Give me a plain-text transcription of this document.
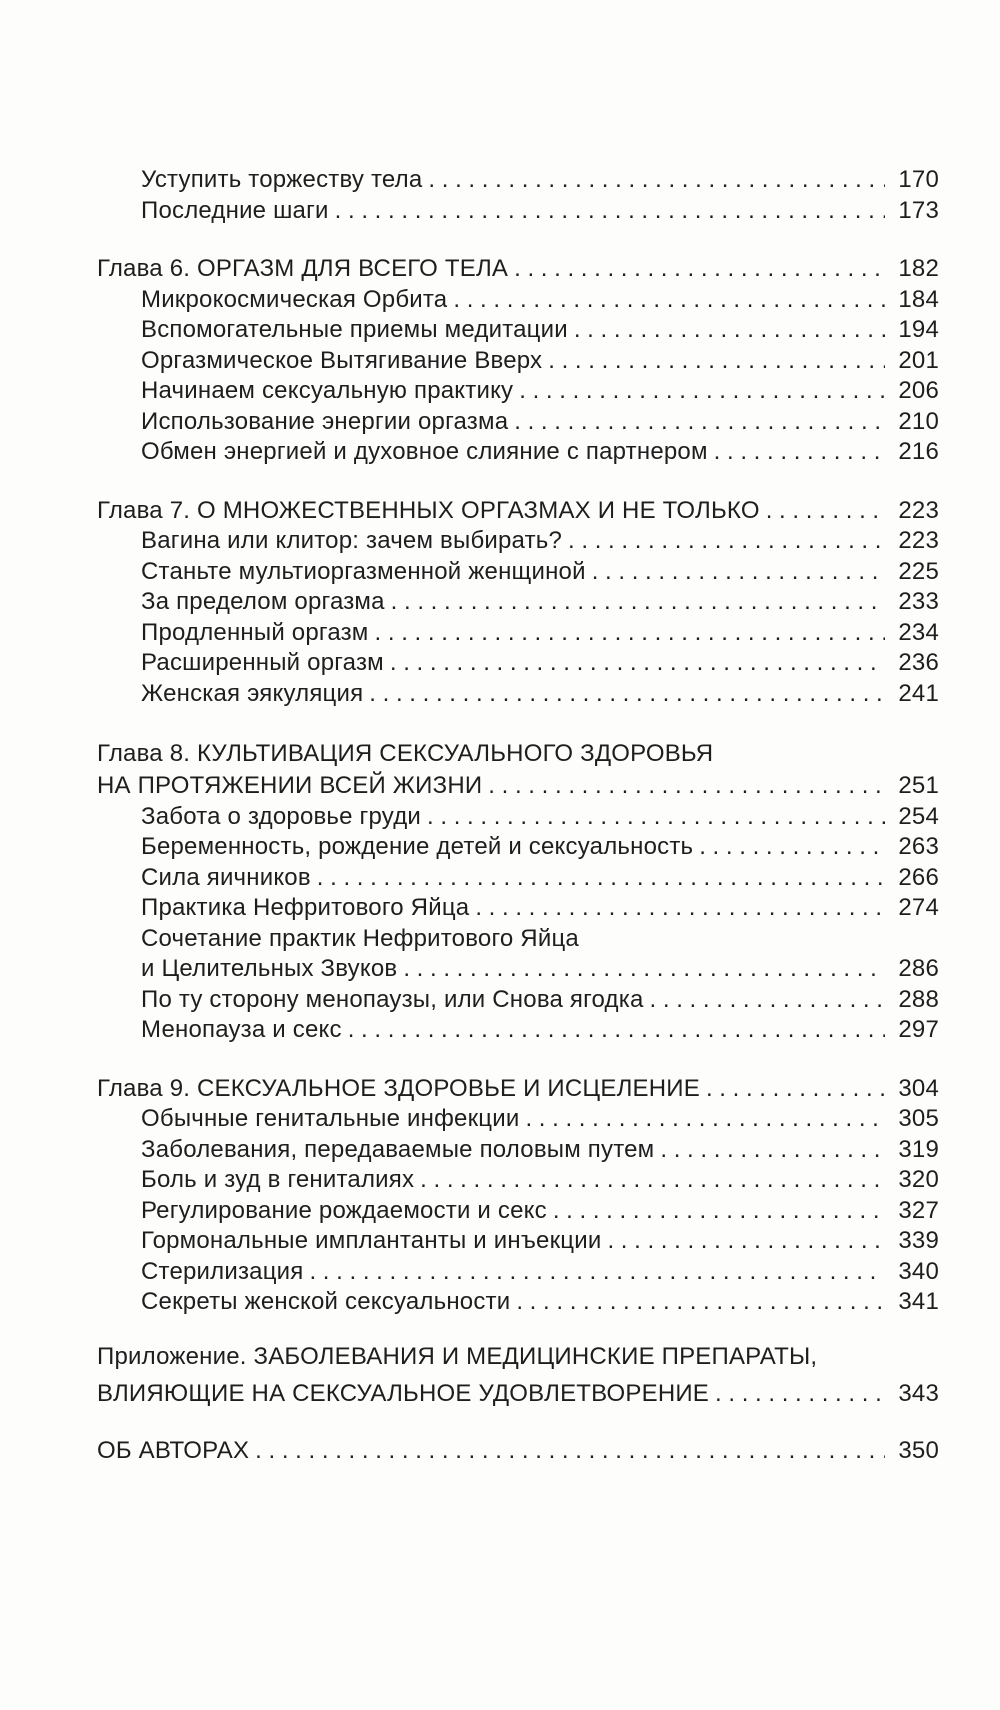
Уступить торжеству тела . . .	170
Последние шаги . . .	173
Глава 6. ОРГАЗМ ДЛЯ ВСЕГО ТЕЛА . . .	182
Микрокосмическая Орбита . . .	184
Вспомогательные приемы медитации . . .	194
Оргазмическое Вытягивание Вверх . . .	201
Начинаем сексуальную практику . . .	206
Использование энергии оргазма . . .	210
Обмен энергией и духовное слияние с партнером . . .	216
Глава 7. О МНОЖЕСТВЕННЫХ ОРГАЗМАХ И НЕ ТОЛЬКО . . .	223
Вагина или клитор: зачем выбирать? . . .	223
Станьте мультиоргазменной женщиной . . .	225
За пределом оргазма . . .	233
Продленный оргазм . . .	234
Расширенный оргазм . . .	236
Женская эякуляция . . .	241
Глава 8. КУЛЬТИВАЦИЯ СЕКСУАЛЬНОГО ЗДОРОВЬЯ
НА ПРОТЯЖЕНИИ ВСЕЙ ЖИЗНИ . . .	251
Забота о здоровье груди . . .	254
Беременность, рождение детей и сексуальность . . .	263
Сила яичников . . .	266
Практика Нефритового Яйца . . .	274
Сочетание практик Нефритового Яйца
и Целительных Звуков . . .	286
По ту сторону менопаузы, или Снова ягодка . . .	288
Менопауза и секс . . .	297
Глава 9. СЕКСУАЛЬНОЕ ЗДОРОВЬЕ И ИСЦЕЛЕНИЕ . . .	304
Обычные генитальные инфекции . . .	305
Заболевания, передаваемые половым путем . . .	319
Боль и зуд в гениталиях . . .	320
Регулирование рождаемости и секс . . .	327
Гормональные имплантанты и инъекции . . .	339
Стерилизация . . .	340
Секреты женской сексуальности . . .	341
Приложение. ЗАБОЛЕВАНИЯ И МЕДИЦИНСКИЕ ПРЕПАРАТЫ,
ВЛИЯЮЩИЕ НА СЕКСУАЛЬНОЕ УДОВЛЕТВОРЕНИЕ . . .	343
ОБ АВТОРАХ . . .	350
